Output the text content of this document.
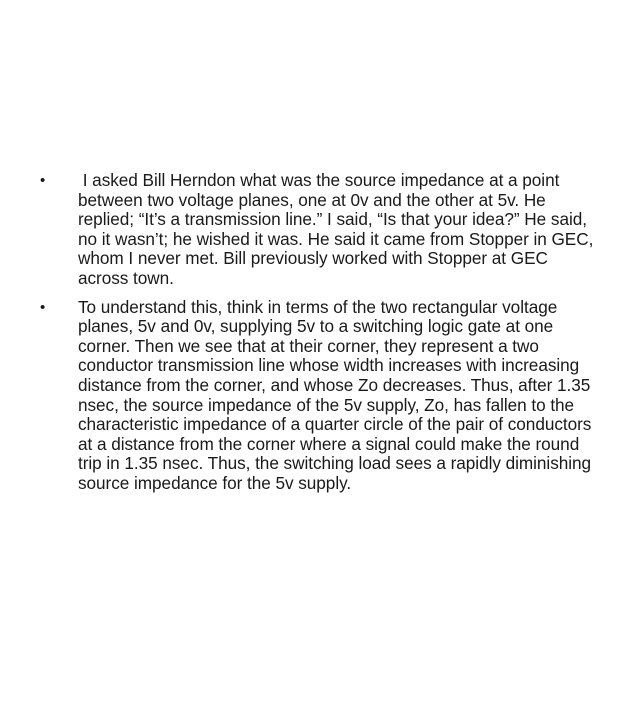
•	I asked Bill Herndon what was the source impedance at a point between two voltage planes, one at 0v and the other at 5v. He replied; “It’s a transmission line.” I said, “Is that your idea?” He said, no it wasn’t; he wished it was. He said it came from Stopper in GEC, whom I never met. Bill previously worked with Stopper at GEC across town.
•	To understand this, think in terms of the two rectangular voltage planes, 5v and 0v, supplying 5v to a switching logic gate at one corner. Then we see that at their corner, they represent a two conductor transmission line whose width increases with increasing distance from the corner, and whose Zo decreases. Thus, after 1.35 nsec, the source impedance of the 5v supply, Zo, has fallen to the characteristic impedance of a quarter circle of the pair of conductors at a distance from the corner where a signal could make the round trip in 1.35 nsec. Thus, the switching load sees a rapidly diminishing source impedance for the 5v supply.
